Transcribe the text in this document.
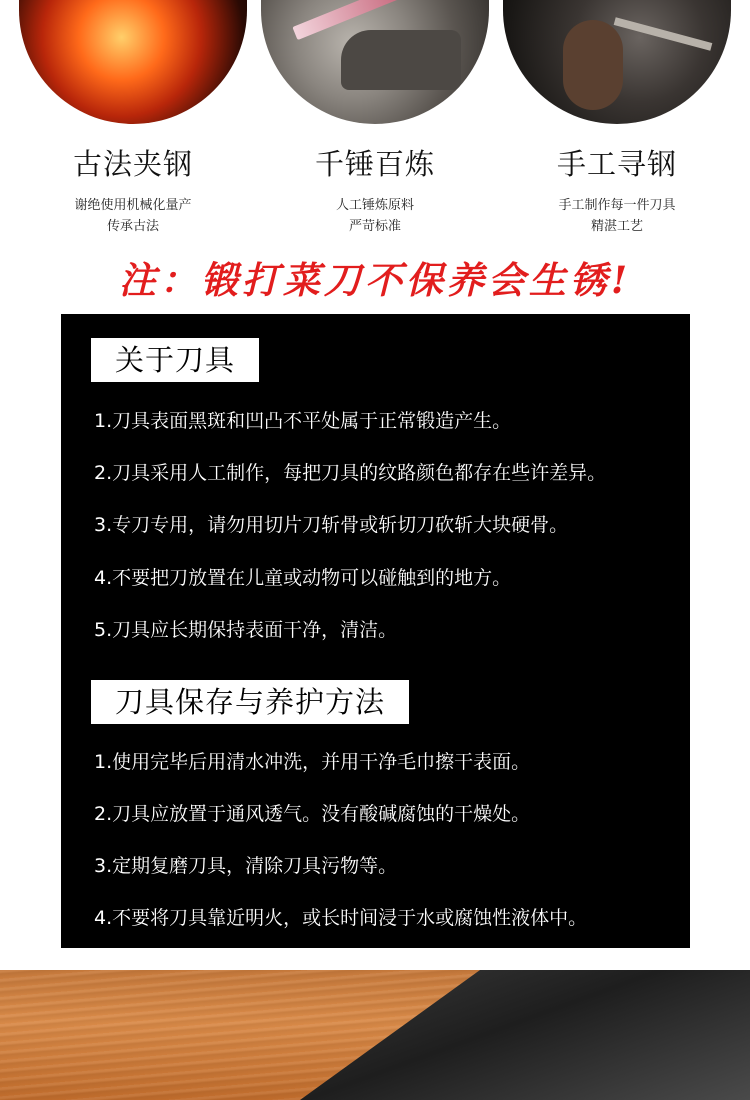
古法夹钢
谢绝使用机械化量产
传承古法
千锤百炼
人工锤炼原料
严苛标准
手工寻钢
手工制作每一件刀具
精湛工艺
注：锻打菜刀不保养会生锈!
关于刀具
1.刀具表面黑斑和凹凸不平处属于正常锻造产生。
2.刀具采用人工制作，每把刀具的纹路颜色都存在些许差异。
3.专刀专用，请勿用切片刀斩骨或斩切刀砍斩大块硬骨。
4.不要把刀放置在儿童或动物可以碰触到的地方。
5.刀具应长期保持表面干净，清洁。
刀具保存与养护方法
1.使用完毕后用清水冲洗，并用干净毛巾擦干表面。
2.刀具应放置于通风透气。没有酸碱腐蚀的干燥处。
3.定期复磨刀具，清除刀具污物等。
4.不要将刀具靠近明火，或长时间浸于水或腐蚀性液体中。
